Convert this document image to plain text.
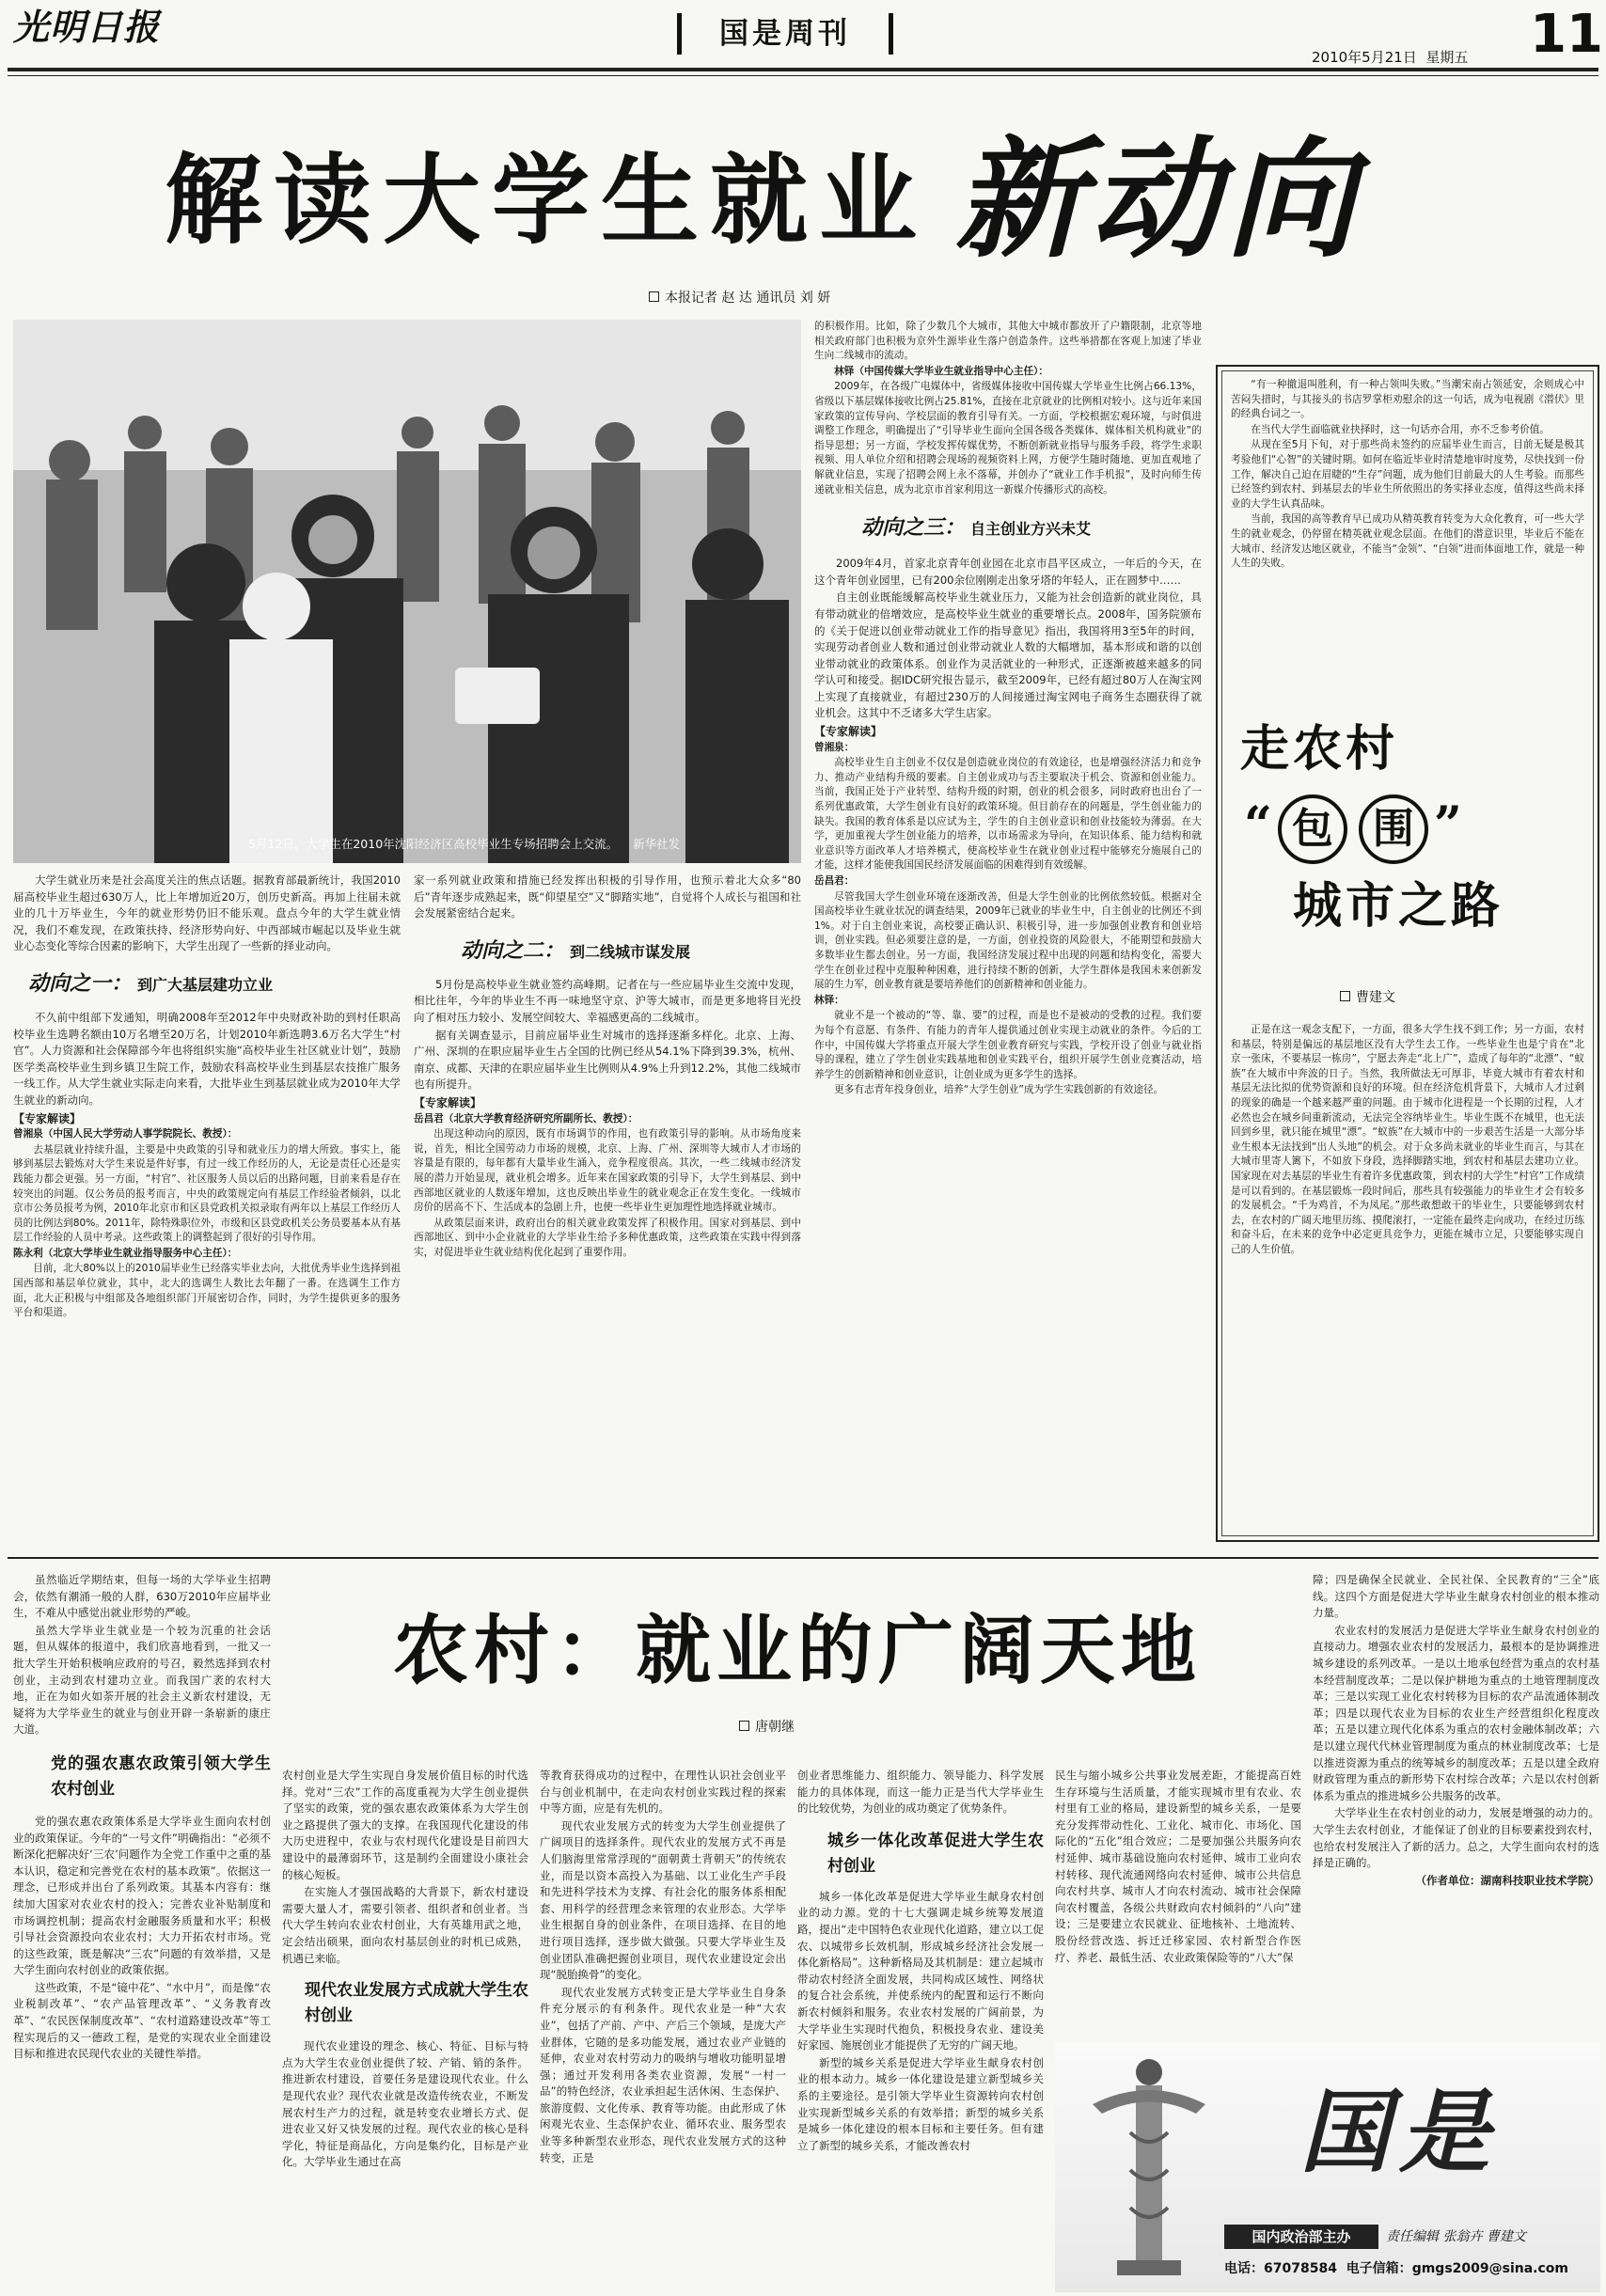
光明日报	国是周刊
2010年5月21日 星期五	11
解读大学生就业 新动向
本报记者 赵 达 通讯员 刘 妍
5月12日，大学生在2010年沈阳经济区高校毕业生专场招聘会上交流。 新华社发

大学生就业历来是社会高度关注的焦点话题。据教育部最新统计，我国2010届高校毕业生超过630万人，比上年增加近20万，创历史新高。再加上往届未就业的几十万毕业生，今年的就业形势仍旧不能乐观。盘点今年的大学生就业情况，我们不难发现，在政策扶持、经济形势向好、中西部城市崛起以及毕业生就业心态变化等综合因素的影响下，大学生出现了一些新的择业动向。

动向之一： 到广大基层建功立业

不久前中组部下发通知，明确2008年至2012年中央财政补助的到村任职高校毕业生选聘名额由10万名增至20万名，计划2010年新选聘3.6万名大学生“村官”。人力资源和社会保障部今年也将组织实施“高校毕业生社区就业计划”，鼓励医学类高校毕业生到乡镇卫生院工作，鼓励农科高校毕业生到基层农技推广服务一线工作。从大学生就业实际走向来看，大批毕业生到基层就业成为2010年大学生就业的新动向。

【专家解读】

曾湘泉（中国人民大学劳动人事学院院长、教授）：

去基层就业持续升温，主要是中央政策的引导和就业压力的增大所致。事实上，能够到基层去锻炼对大学生来说是件好事，有过一线工作经历的人，无论是责任心还是实践能力都会更强。另一方面，“村官”、社区服务人员以后的出路问题，目前来看是存在较突出的问题。仅公务员的报考而言，中央的政策规定向有基层工作经验者倾斜，以北京市公务员报考为例，2010年北京市和区县党政机关拟录取有两年以上基层工作经历人员的比例达到80%。2011年，除特殊职位外，市级和区县党政机关公务员要基本从有基层工作经验的人员中考录。这些政策上的调整起到了很好的引导作用。

陈永利（北京大学毕业生就业指导服务中心主任）：

目前，北大80%以上的2010届毕业生已经落实毕业去向，大批优秀毕业生选择到祖国西部和基层单位就业，其中，北大的选调生人数比去年翻了一番。在选调生工作方面，北大正积极与中组部及各地组织部门开展密切合作，同时，为学生提供更多的服务平台和渠道。

家一系列就业政策和措施已经发挥出积极的引导作用，也预示着北大众多“80后”青年逐步成熟起来，既“仰望星空”又“脚踏实地”，自觉将个人成长与祖国和社会发展紧密结合起来。

动向之二： 到二线城市谋发展

5月份是高校毕业生就业签约高峰期。记者在与一些应届毕业生交流中发现，相比往年，今年的毕业生不再一味地坚守京、沪等大城市，而是更多地将目光投向了相对压力较小、发展空间较大、幸福感更高的二线城市。

据有关调查显示，目前应届毕业生对城市的选择逐渐多样化。北京、上海、广州、深圳的在职应届毕业生占全国的比例已经从54.1%下降到39.3%，杭州、南京、成都、天津的在职应届毕业生比例则从4.9%上升到12.2%，其他二线城市也有所提升。

【专家解读】

岳昌君（北京大学教育经济研究所副所长、教授）：

出现这种动向的原因，既有市场调节的作用，也有政策引导的影响。从市场角度来说，首先，相比全国劳动力市场的规模，北京、上海、广州、深圳等大城市人才市场的容量是有限的，每年都有大量毕业生涌入，竞争程度很高。其次，一些二线城市经济发展的潜力开始显现，就业机会增多。近年来在国家政策的引导下，大学生到基层、到中西部地区就业的人数逐年增加，这也反映出毕业生的就业观念正在发生变化。一线城市房价的居高不下、生活成本的急剧上升，也使一些毕业生更加理性地选择就业城市。

从政策层面来讲，政府出台的相关就业政策发挥了积极作用。国家对到基层、到中西部地区、到中小企业就业的大学毕业生给予多种优惠政策，这些政策在实践中得到落实，对促进毕业生就业结构优化起到了重要作用。

的积极作用。比如，除了少数几个大城市，其他大中城市都放开了户籍限制，北京等地相关政府部门也积极为京外生源毕业生落户创造条件。这些举措都在客观上加速了毕业生向二线城市的流动。

林铎（中国传媒大学毕业生就业指导中心主任）：

2009年，在各级广电媒体中，省级媒体接收中国传媒大学毕业生比例占66.13%，省级以下基层媒体接收比例占25.81%，直接在北京就业的比例相对较小。这与近年来国家政策的宣传导向、学校层面的教育引导有关。一方面，学校根据宏观环境，与时俱进调整工作理念，明确提出了“引导毕业生面向全国各级各类媒体、媒体相关机构就业”的指导思想；另一方面，学校发挥传媒优势，不断创新就业指导与服务手段，将学生求职视频、用人单位介绍和招聘会现场的视频资料上网，方便学生随时随地、更加直观地了解就业信息，实现了招聘会网上永不落幕，并创办了“就业工作手机报”，及时向师生传递就业相关信息，成为北京市首家利用这一新媒介传播形式的高校。

动向之三： 自主创业方兴未艾

2009年4月，首家北京青年创业园在北京市昌平区成立，一年后的今天，在这个青年创业园里，已有200余位刚刚走出象牙塔的年轻人，正在圆梦中……

自主创业既能缓解高校毕业生就业压力，又能为社会创造新的就业岗位，具有带动就业的倍增效应，是高校毕业生就业的重要增长点。2008年，国务院颁布的《关于促进以创业带动就业工作的指导意见》指出，我国将用3至5年的时间，实现劳动者创业人数和通过创业带动就业人数的大幅增加，基本形成和谐的以创业带动就业的政策体系。创业作为灵活就业的一种形式，正逐渐被越来越多的同学认可和接受。据IDC研究报告显示，截至2009年，已经有超过80万人在淘宝网上实现了直接就业，有超过230万的人间接通过淘宝网电子商务生态圈获得了就业机会。这其中不乏诸多大学生店家。

【专家解读】

曾湘泉：

高校毕业生自主创业不仅仅是创造就业岗位的有效途径，也是增强经济活力和竞争力、推动产业结构升级的要素。自主创业成功与否主要取决于机会、资源和创业能力。当前，我国正处于产业转型、结构升级的时期，创业的机会很多，同时政府也出台了一系列优惠政策，大学生创业有良好的政策环境。但目前存在的问题是，学生创业能力的缺失。我国的教育体系是以应试为主，学生的自主创业意识和创业技能较为薄弱。在大学，更加重视大学生创业能力的培养，以市场需求为导向，在知识体系、能力结构和就业意识等方面改革人才培养模式，使高校毕业生在就业创业过程中能够充分施展自己的才能，这样才能使我国国民经济发展面临的困难得到有效缓解。

岳昌君：

尽管我国大学生创业环境在逐渐改善，但是大学生创业的比例依然较低。根据对全国高校毕业生就业状况的调查结果，2009年已就业的毕业生中，自主创业的比例还不到1%。对于自主创业来说，高校要正确认识、积极引导，进一步加强创业教育和创业培训，创业实践。但必须要注意的是，一方面，创业投资的风险很大，不能期望和鼓励大多数毕业生都去创业。另一方面，我国经济发展过程中出现的问题和结构变化，需要大学生在创业过程中克服种种困难，进行持续不断的创新，大学生群体是我国未来创新发展的生力军，创业教育就是要培养他们的创新精神和创业能力。

林铎：

就业不是一个被动的“等、靠、要”的过程，而是也不是被动的受教的过程。我们要为每个有意愿、有条件、有能力的青年人提供通过创业实现主动就业的条件。今后的工作中，中国传媒大学将重点开展大学生创业教育研究与实践，学校开设了创业与就业指导的课程，建立了学生创业实践基地和创业实践平台，组织开展学生创业竞赛活动，培养学生的创新精神和创业意识，让创业成为更多学生的选择。

更多有志青年投身创业，培养“大学生创业”成为学生实践创新的有效途径。

“有一种撤退叫胜利，有一种占领叫失败。”当潮宋南占领延安，余则成心中苦闷失措时，与其接头的书店罗掌柜劝慰余的这一句话，成为电视剧《潜伏》里的经典台词之一。

在当代大学生面临就业抉择时，这一句话亦合用，亦不乏参考价值。

从现在至5月下旬，对于那些尚未签约的应届毕业生而言，目前无疑是极其考验他们“心智”的关键时期。如何在临近毕业时清楚地审时度势，尽快找到一份工作，解决自己迫在眉睫的“生存”问题，成为他们目前最大的人生考验。而那些已经签约到农村、到基层去的毕业生所依照出的务实择业态度，值得这些尚未择业的大学生认真品味。

当前，我国的高等教育早已成功从精英教育转变为大众化教育，可一些大学生的就业观念，仍停留在精英就业观念层面。在他们的潜意识里，毕业后不能在大城市、经济发达地区就业，不能当“金领”、“白领”进而体面地工作，就是一种人生的失败。

走农村
“ 包 围 ”
城市之路
曹建文

正是在这一观念支配下，一方面，很多大学生找不到工作；另一方面，农村和基层，特别是偏远的基层地区没有大学生去工作。一些毕业生也是宁肯在“北京一张床，不要基层一栋房”，宁愿去奔走“北上广”，造成了每年的“北漂”、“蚁族”在大城市中奔波的日子。当然，我所做法无可厚非，毕竟大城市有着农村和基层无法比拟的优势资源和良好的环境。但在经济危机背景下，大城市人才过剩的现象的确是一个越来越严重的问题。由于城市化进程是一个长期的过程，人才必然也会在城乡间重新流动，无法完全容纳毕业生。毕业生既不在城里，也无法回到乡里，就只能在城里“漂”。“蚁族”在大城市中的一步艰苦生活是一大部分毕业生根本无法找到“出人头地”的机会。对于众多尚未就业的毕业生而言，与其在大城市里寄人篱下，不如放下身段，选择脚踏实地，到农村和基层去建功立业。国家现在对去基层的毕业生有着许多优惠政策，到农村的大学生“村官”工作成绩是可以看到的。在基层锻炼一段时间后，那些具有较强能力的毕业生才会有较多的发展机会。“千为鸡首，不为凤尾。”那些敢想敢干的毕业生，只要能够到农村去，在农村的广阔天地里历练、摸爬滚打，一定能在最终走向成功，在经过历练和奋斗后，在未来的竞争中必定更具竞争力，更能在城市立足，只要能够实现自己的人生价值。

农村：就业的广阔天地
唐朝继

虽然临近学期结束，但每一场的大学毕业生招聘会，依然有潮涌一般的人群，630万2010年应届毕业生，不难从中感觉出就业形势的严峻。

虽然大学毕业生就业是一个较为沉重的社会话题，但从媒体的报道中，我们欣喜地看到，一批又一批大学生开始积极响应政府的号召，毅然选择到农村创业，主动到农村建功立业。而我国广袤的农村大地，正在为如火如荼开展的社会主义新农村建设，无疑将为大学毕业生的就业与创业开辟一条崭新的康庄大道。

党的强农惠农政策引领大学生农村创业

党的强农惠农政策体系是大学毕业生面向农村创业的政策保证。今年的“一号文件”明确指出：“必须不断深化把解决好‘三农’问题作为全党工作重中之重的基本认识，稳定和完善党在农村的基本政策”。依据这一理念，已形成并出台了系列政策。其基本内容有：继续加大国家对农业农村的投入；完善农业补贴制度和市场调控机制；提高农村金融服务质量和水平；积极引导社会资源投向农业农村；大力开拓农村市场。党的这些政策，既是解决“三农”问题的有效举措，又是大学生面向农村创业的政策依据。

这些政策，不是“镜中花”、“水中月”，而是像“农业税制改革”、“农产品管理改革”、“义务教育改革”、“农民医保制度改革”、“农村道路建设改革”等工程实现后的又一德政工程，是党的实现农业全面建设目标和推进农民现代农业的关键性举措。

农村创业是大学生实现自身发展价值目标的时代选择。党对“三农”工作的高度重视为大学生创业提供了坚实的政策，党的强农惠农政策体系为大学生创业之路提供了强大的支撑。在我国现代化建设的伟大历史进程中，农业与农村现代化建设是目前四大建设中的最薄弱环节，这是制约全面建设小康社会的核心短板。

在实施人才强国战略的大背景下，新农村建设需要大量人才，需要引领者、组织者和创业者。当代大学生转向农业农村创业，大有英雄用武之地，定会结出硕果，面向农村基层创业的时机已成熟，机遇已来临。

现代农业发展方式成就大学生农村创业

现代农业建设的理念、核心、特征、目标与特点为大学生农业创业提供了较、产销、销的条件。推进新农村建设，首要任务是建设现代农业。什么是现代农业？现代农业就是改造传统农业，不断发展农村生产力的过程，就是转变农业增长方式、促进农业又好又快发展的过程。现代农业的核心是科学化，特征是商品化，方向是集约化，目标是产业化。大学毕业生通过在高

等教育获得成功的过程中，在理性认识社会创业平台与创业机制中，在走向农村创业实践过程的探索中等方面，应是有先机的。

现代农业发展方式的转变为大学生创业提供了广阔项目的选择条件。现代农业的发展方式不再是人们脑海里常常浮现的“面朝黄土背朝天”的传统农业，而是以资本高投入为基础、以工业化生产手段和先进科学技术为支撑、有社会化的服务体系相配套、用科学的经营理念来管理的农业形态。大学毕业生根据自身的创业条件，在项目选择、在目的地进行项目选择，逐步做大做强。只要大学毕业生及创业团队准确把握创业项目，现代农业建设定会出现“脱胎换骨”的变化。

现代农业发展方式转变正是大学毕业生自身条件充分展示的有利条件。现代农业是一种“大农业”，包括了产前、产中、产后三个领域，是庞大产业群体，它随的是多功能发展，通过农业产业链的延伸，农业对农村劳动力的吸纳与增收功能明显增强；通过开发利用各类农业资源，发展“一村一品”的特色经济，农业承担起生活休闲、生态保护、旅游度假、文化传承、教育等功能。由此形成了休闲观光农业、生态保护农业、循环农业、服务型农业等多种新型农业形态，现代农业发展方式的这种转变，正是

创业者思维能力、组织能力、领导能力、科学发展能力的具体体现，而这一能力正是当代大学毕业生的比较优势，为创业的成功奠定了优势条件。

城乡一体化改革促进大学生农村创业

城乡一体化改革是促进大学毕业生献身农村创业的动力源。党的十七大强调走城乡统筹发展道路，提出“走中国特色农业现代化道路，建立以工促农、以城带乡长效机制，形成城乡经济社会发展一体化新格局”。这种新格局及其机制是：建立起城市带动农村经济全面发展，共同构成区域性、网络状的复合社会系统，并使系统内的配置和运行不断向新农村倾斜和服务。农业农村发展的广阔前景，为大学毕业生实现时代抱负，积极投身农业、建设美好家园、施展创业才能提供了无穷的广阔天地。

新型的城乡关系是促进大学毕业生献身农村创业的根本动力。城乡一体化建设是建立新型城乡关系的主要途径。是引领大学毕业生资源转向农村创业实现新型城乡关系的有效举措；新型的城乡关系是城乡一体化建设的根本目标和主要任务。但有建立了新型的城乡关系，才能改善农村

民生与缩小城乡公共事业发展差距，才能提高百姓生存环境与生活质量，才能实现城市里有农业、农村里有工业的格局，建设新型的城乡关系，一是要充分发挥带动性化、工业化、城市化、市场化、国际化的“五化”组合效应；二是要加强公共服务向农村延伸、城市基础设施向农村延伸、城市工业向农村转移、现代流通网络向农村延伸、城市公共信息向农村共享、城市人才向农村流动、城市社会保障向农村覆盖，各级公共财政向农村倾斜的“八向”建设；三是要建立农民就业、征地核补、土地流转、股份经营改选、拆迁迁移家园、农村新型合作医疗、养老、最低生活、农业政策保险等的“八大”保

障；四是确保全民就业、全民社保、全民教育的“三全”底线。这四个方面是促进大学毕业生献身农村创业的根本推动力量。

农业农村的发展活力是促进大学毕业生献身农村创业的直接动力。增强农业农村的发展活力，最根本的是协调推进城乡建设的系列改革。一是以土地承包经营为重点的农村基本经营制度改革；二是以保护耕地为重点的土地管理制度改革；三是以实现工业化农村转移为目标的农产品流通体制改革；四是以现代农业为目标的农业生产经营组织化程度改革；五是以建立现代化体系为重点的农村金融体制改革；六是以建立现代代林业管理制度为重点的林业制度改革；七是以推进资源为重点的统筹城乡的制度改革；五是以建全政府财政管理为重点的新形势下农村综合改革；六是以农村创新体系为重点的推进城乡公共服务的改革。

大学毕业生在农村创业的动力，发展是增强的动力的。大学生去农村创业，才能保证了创业的目标要素投到农村，也给农村发展注入了新的活力。总之，大学生面向农村的选择是正确的。

（作者单位：湖南科技职业技术学院）

国是
国内政治部主办	责任编辑 张翁卉 曹建文
电话：67078584 电子信箱：gmgs2009@sina.com
